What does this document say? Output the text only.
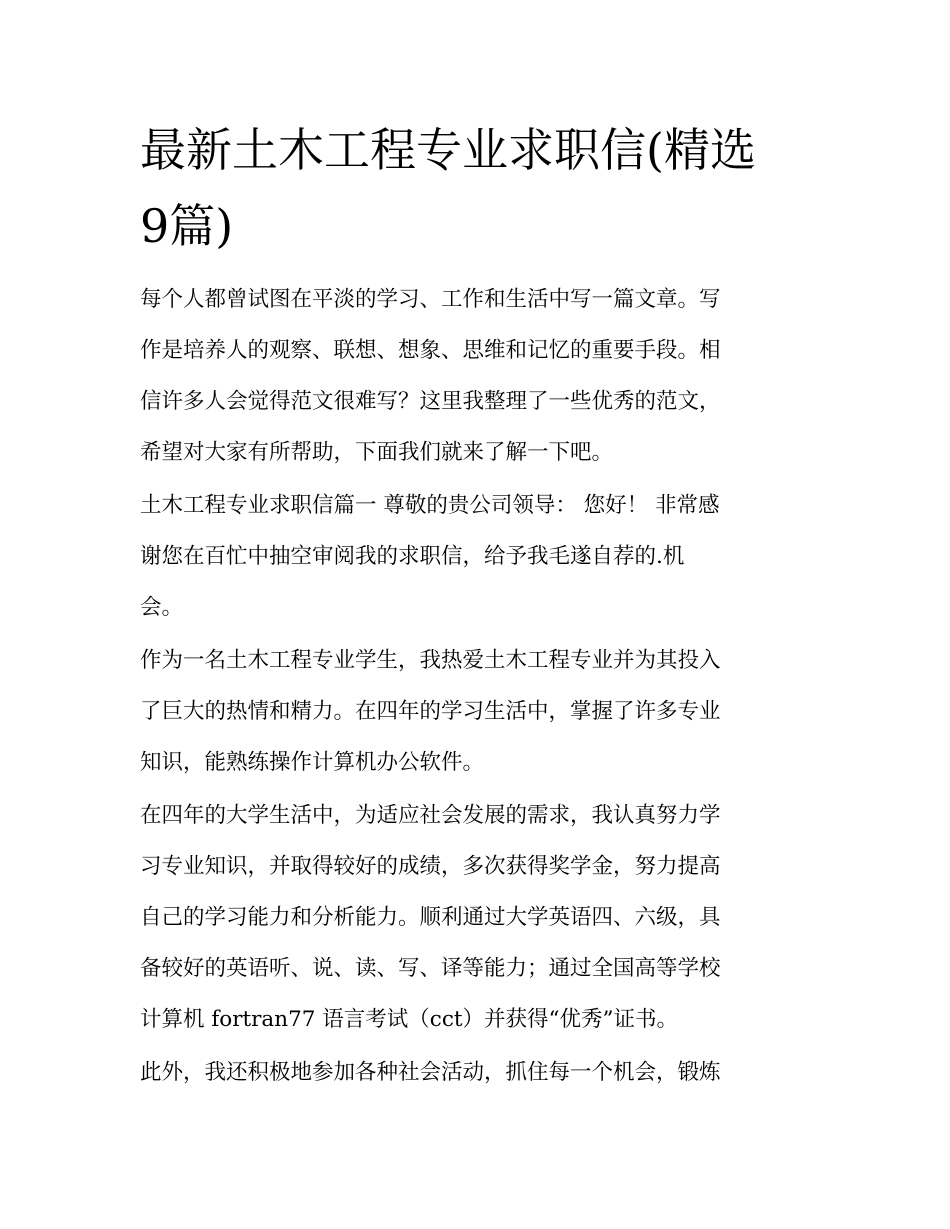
最新土木工程专业求职信(精选
9篇)

每个人都曾试图在平淡的学习、工作和生活中写一篇文章。写
作是培养人的观察、联想、想象、思维和记忆的重要手段。相
信许多人会觉得范文很难写？这里我整理了一些优秀的范文，
希望对大家有所帮助，下面我们就来了解一下吧。

土木工程专业求职信篇一 尊敬的贵公司领导： 您好！ 非常感
谢您在百忙中抽空审阅我的求职信，给予我毛遂自荐的.机
会。

作为一名土木工程专业学生，我热爱土木工程专业并为其投入
了巨大的热情和精力。在四年的学习生活中，掌握了许多专业
知识，能熟练操作计算机办公软件。

在四年的大学生活中，为适应社会发展的需求，我认真努力学
习专业知识，并取得较好的成绩，多次获得奖学金，努力提高
自己的学习能力和分析能力。顺利通过大学英语四、六级，具
备较好的英语听、说、读、写、译等能力；通过全国高等学校
计算机 fortran77 语言考试（cct）并获得“优秀”证书。

此外，我还积极地参加各种社会活动，抓住每一个机会，锻炼
